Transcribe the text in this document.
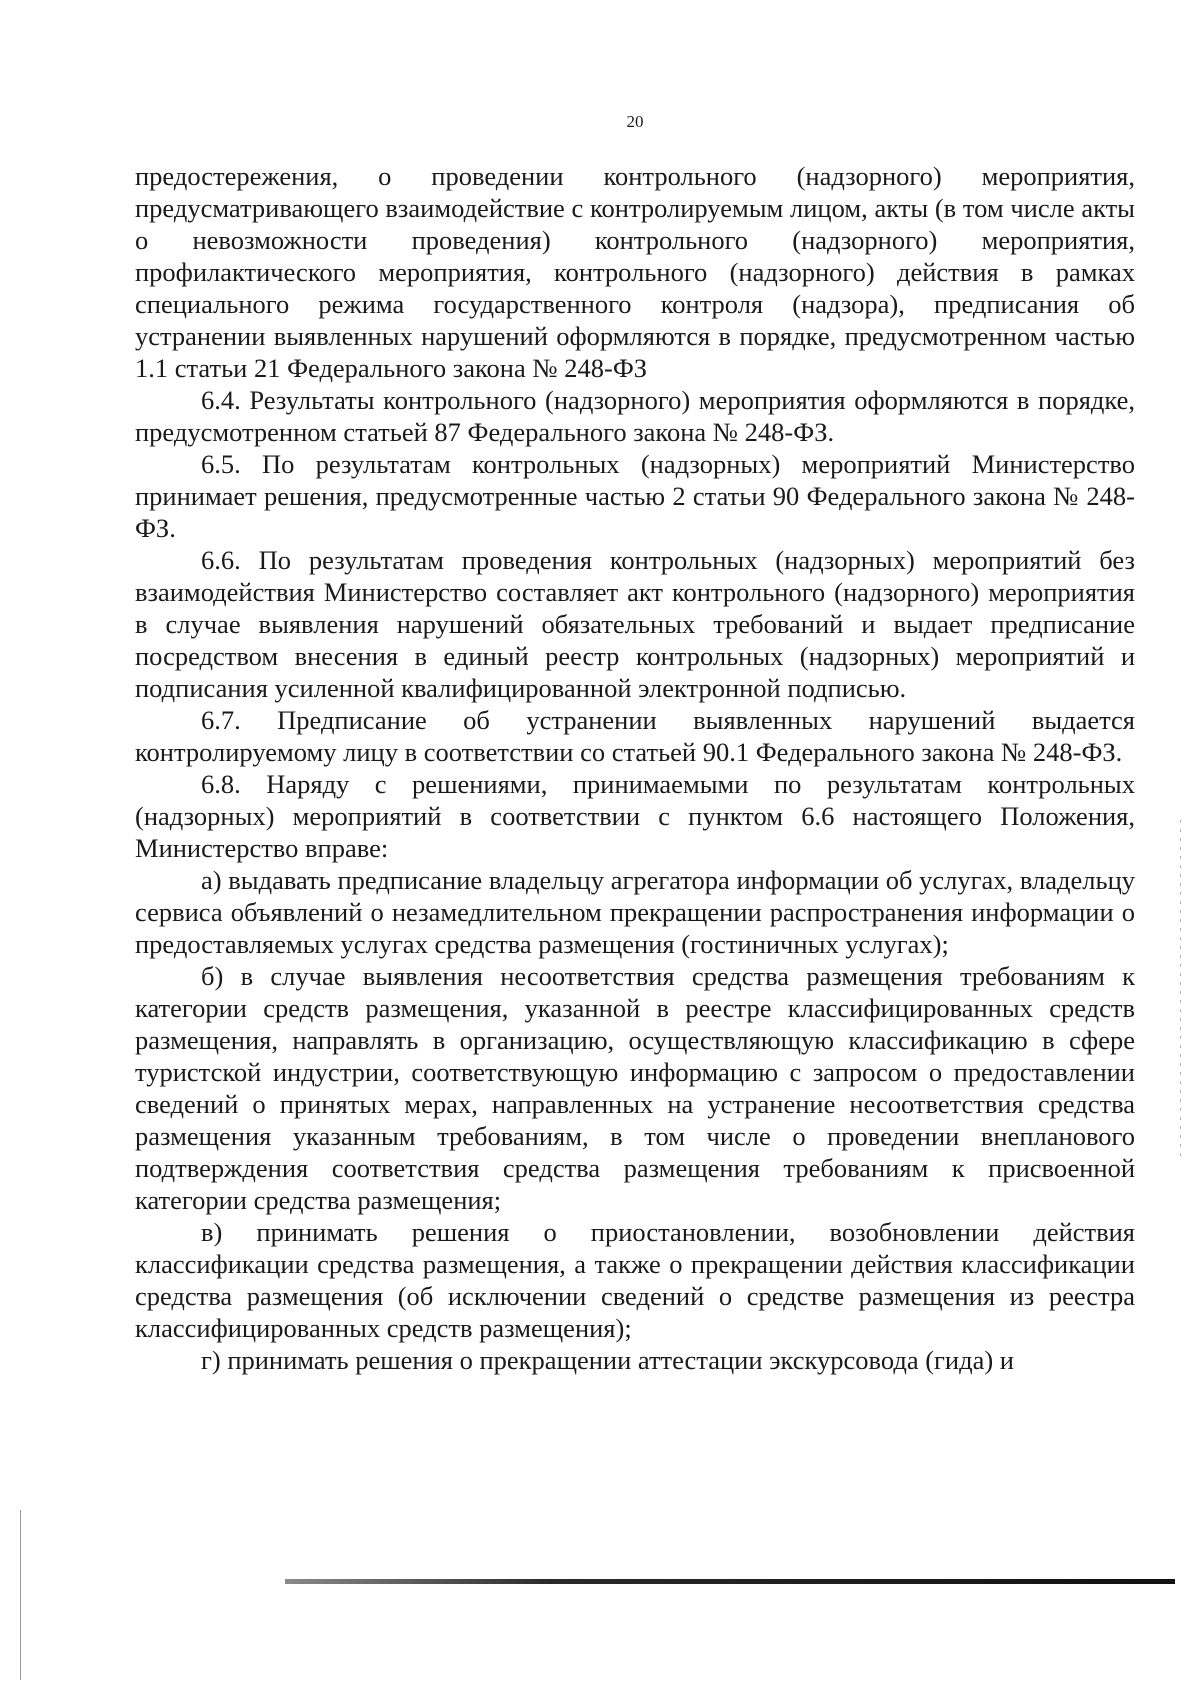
20

предостережения, о проведении контрольного (надзорного) мероприятия, предусматривающего взаимодействие с контролируемым лицом, акты (в том числе акты о невозможности проведения) контрольного (надзорного) мероприятия, профилактического мероприятия, контрольного (надзорного) действия в рамках специального режима государственного контроля (надзора), предписания об устранении выявленных нарушений оформляются в порядке, предусмотренном частью 1.1 статьи 21 Федерального закона № 248-ФЗ

6.4. Результаты контрольного (надзорного) мероприятия оформляются в порядке, предусмотренном статьей 87 Федерального закона № 248-ФЗ.

6.5. По результатам контрольных (надзорных) мероприятий Министерство принимает решения, предусмотренные частью 2 статьи 90 Федерального закона № 248-ФЗ.

6.6. По результатам проведения контрольных (надзорных) мероприятий без взаимодействия Министерство составляет акт контрольного (надзорного) мероприятия в случае выявления нарушений обязательных требований и выдает предписание посредством внесения в единый реестр контрольных (надзорных) мероприятий и подписания усиленной квалифицированной электронной подписью.

6.7. Предписание об устранении выявленных нарушений выдается контролируемому лицу в соответствии со статьей 90.1 Федерального закона № 248-ФЗ.

6.8. Наряду с решениями, принимаемыми по результатам контрольных (надзорных) мероприятий в соответствии с пунктом 6.6 настоящего Положения, Министерство вправе:

а) выдавать предписание владельцу агрегатора информации об услугах, владельцу сервиса объявлений о незамедлительном прекращении распространения информации о предоставляемых услугах средства размещения (гостиничных услугах);

б) в случае выявления несоответствия средства размещения требованиям к категории средств размещения, указанной в реестре классифицированных средств размещения, направлять в организацию, осуществляющую классификацию в сфере туристской индустрии, соответствующую информацию с запросом о предоставлении сведений о принятых мерах, направленных на устранение несоответствия средства размещения указанным требованиям, в том числе о проведении внепланового подтверждения соответствия средства размещения требованиям к присвоенной категории средства размещения;

в) принимать решения о приостановлении, возобновлении действия классификации средства размещения, а также о прекращении действия классификации средства размещения (об исключении сведений о средстве размещения из реестра классифицированных средств размещения);

г) принимать решения о прекращении аттестации экскурсовода (гида) и
